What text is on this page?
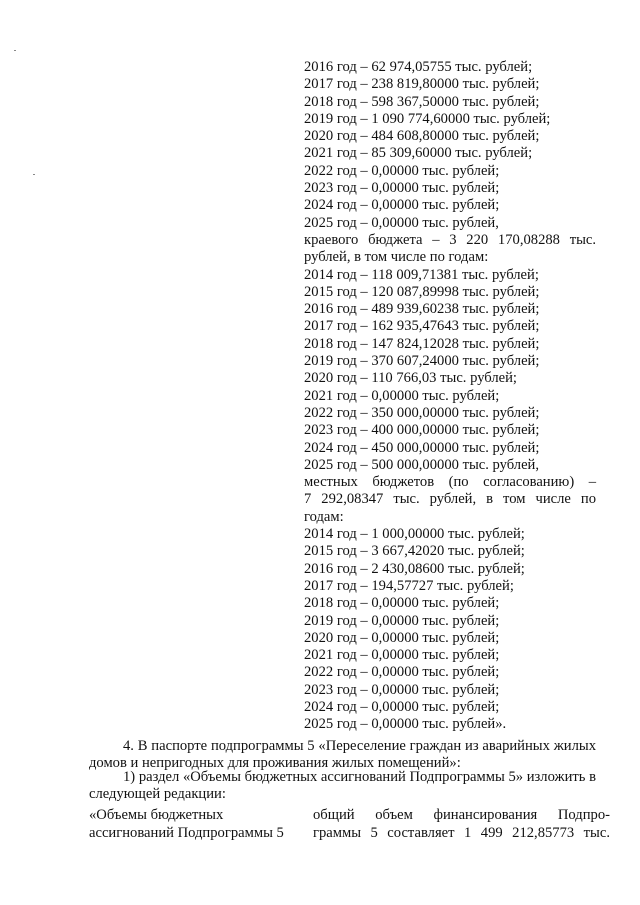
2016 год – 62 974,05755 тыс. рублей;
2017 год – 238 819,80000 тыс. рублей;
2018 год – 598 367,50000 тыс. рублей;
2019 год – 1 090 774,60000 тыс. рублей;
2020 год – 484 608,80000 тыс. рублей;
2021 год – 85 309,60000 тыс. рублей;
2022 год – 0,00000 тыс. рублей;
2023 год – 0,00000 тыс. рублей;
2024 год – 0,00000 тыс. рублей;
2025 год – 0,00000 тыс. рублей,
краевого бюджета – 3 220 170,08288 тыс.
рублей, в том числе по годам:
2014 год – 118 009,71381 тыс. рублей;
2015 год – 120 087,89998 тыс. рублей;
2016 год – 489 939,60238 тыс. рублей;
2017 год – 162 935,47643 тыс. рублей;
2018 год – 147 824,12028 тыс. рублей;
2019 год – 370 607,24000 тыс. рублей;
2020 год – 110 766,03 тыс. рублей;
2021 год – 0,00000 тыс. рублей;
2022 год – 350 000,00000 тыс. рублей;
2023 год – 400 000,00000 тыс. рублей;
2024 год – 450 000,00000 тыс. рублей;
2025 год – 500 000,00000 тыс. рублей,
местных бюджетов (по согласованию) –
7 292,08347 тыс. рублей, в том числе по
годам:
2014 год – 1 000,00000 тыс. рублей;
2015 год – 3 667,42020 тыс. рублей;
2016 год – 2 430,08600 тыс. рублей;
2017 год – 194,57727 тыс. рублей;
2018 год – 0,00000 тыс. рублей;
2019 год – 0,00000 тыс. рублей;
2020 год – 0,00000 тыс. рублей;
2021 год – 0,00000 тыс. рублей;
2022 год – 0,00000 тыс. рублей;
2023 год – 0,00000 тыс. рублей;
2024 год – 0,00000 тыс. рублей;
2025 год – 0,00000 тыс. рублей».
4. В паспорте подпрограммы 5 «Переселение граждан из аварийных жилых домов и непригодных для проживания жилых помещений»:
1) раздел «Объемы бюджетных ассигнований Подпрограммы 5» изложить в следующей редакции:
«Объемы бюджетных
ассигнований Подпрограммы 5
общий объем финансирования Подпро-
граммы 5 составляет 1 499 212,85773 тыс.
